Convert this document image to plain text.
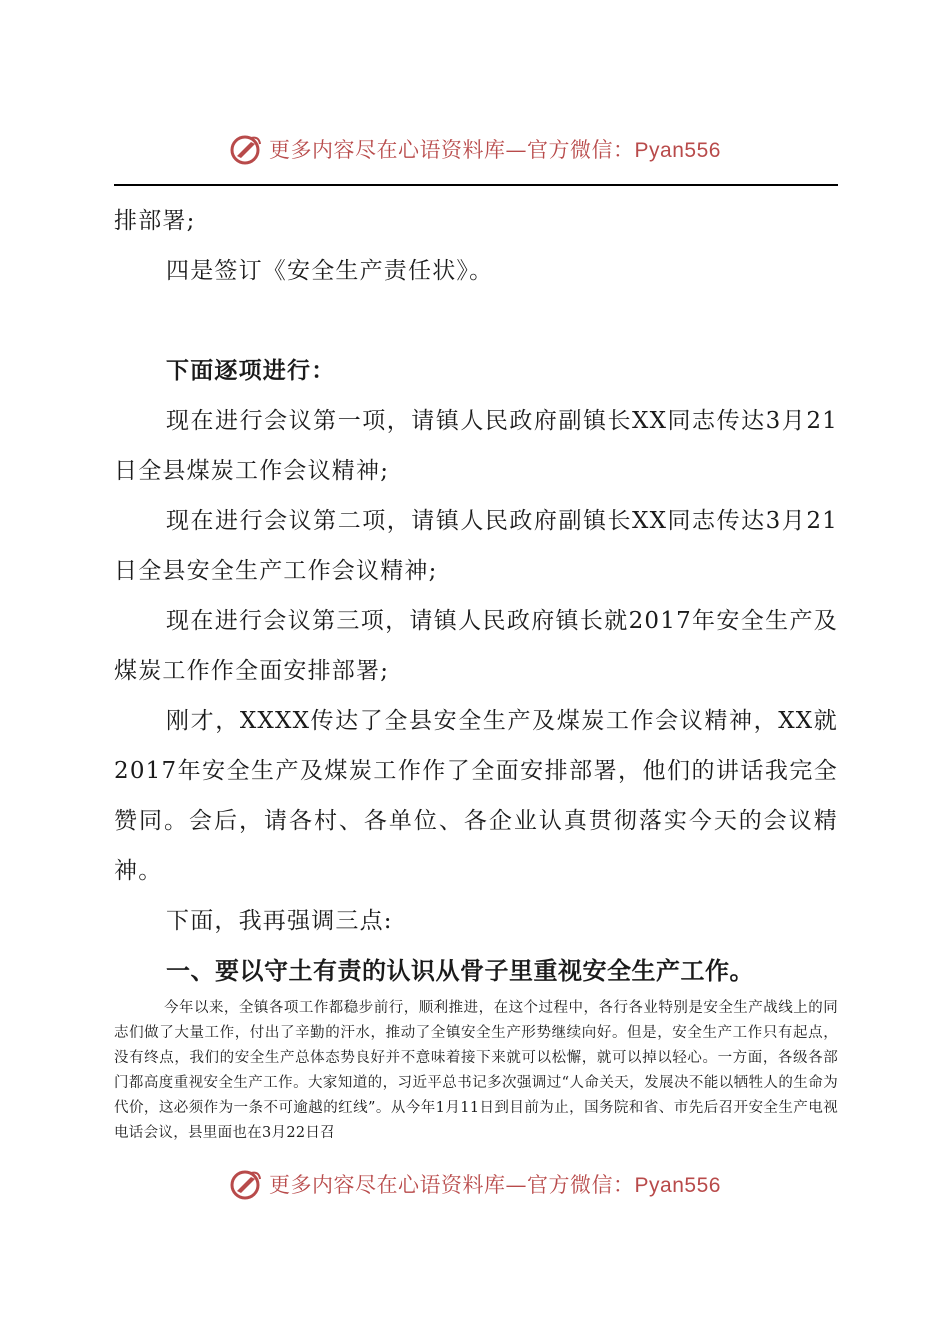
更多内容尽在心语资料库—官方微信：Pyan556

排部署;

四是签订《安全生产责任状》。

下面逐项进行：

现在进行会议第一项，请镇人民政府副镇长XX同志传达3月21日全县煤炭工作会议精神;

现在进行会议第二项，请镇人民政府副镇长XX同志传达3月21日全县安全生产工作会议精神;

现在进行会议第三项，请镇人民政府镇长就2017年安全生产及煤炭工作作全面安排部署;

刚才，XXXX传达了全县安全生产及煤炭工作会议精神，XX就2017年安全生产及煤炭工作作了全面安排部署，他们的讲话我完全赞同。会后，请各村、各单位、各企业认真贯彻落实今天的会议精神。

下面，我再强调三点:

一、要以守土有责的认识从骨子里重视安全生产工作。

今年以来，全镇各项工作都稳步前行，顺利推进，在这个过程中，各行各业特别是安全生产战线上的同志们做了大量工作，付出了辛勤的汗水，推动了全镇安全生产形势继续向好。但是，安全生产工作只有起点，没有终点，我们的安全生产总体态势良好并不意味着接下来就可以松懈，就可以掉以轻心。一方面，各级各部门都高度重视安全生产工作。大家知道的，习近平总书记多次强调过“人命关天，发展决不能以牺牲人的生命为代价，这必须作为一条不可逾越的红线”。从今年1月11日到目前为止，国务院和省、市先后召开安全生产电视电话会议，县里面也在3月22日召

更多内容尽在心语资料库—官方微信：Pyan556
